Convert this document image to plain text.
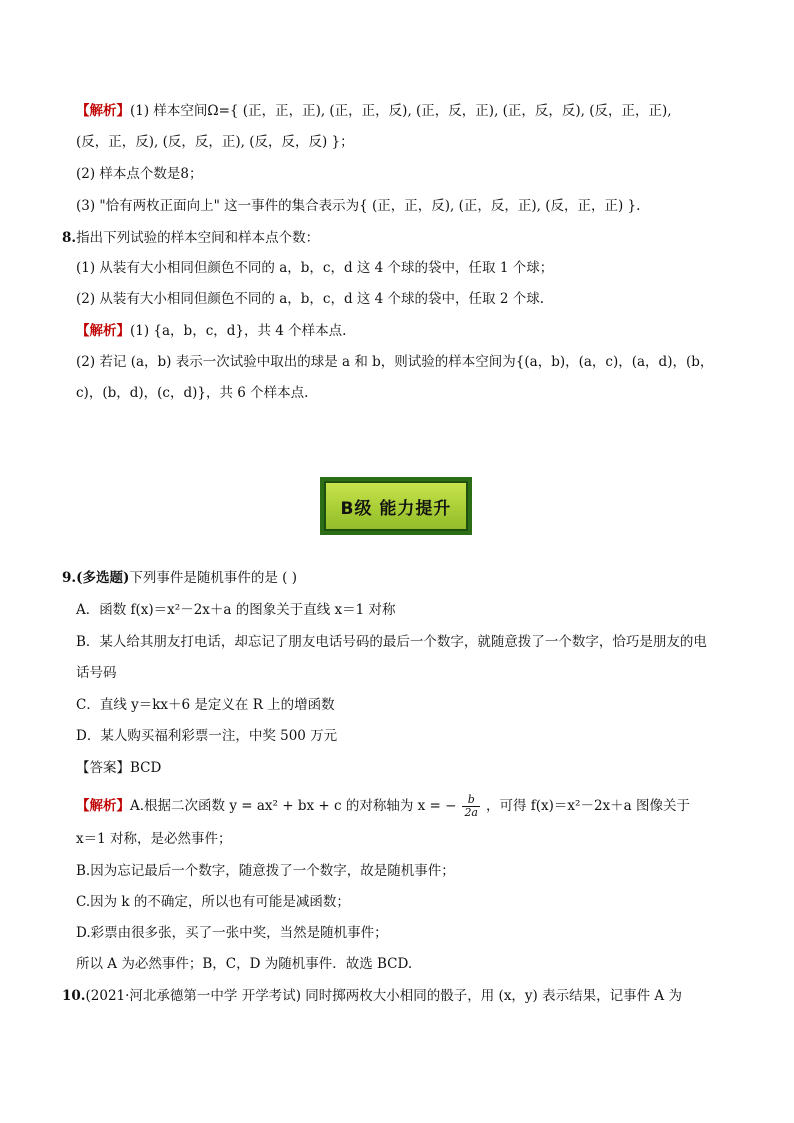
【解析】(1) 样本空间Ω={ (正，正，正), (正，正，反), (正，反，正), (正，反，反), (反，正，正),
(反，正，反), (反，反，正), (反，反，反) }；
(2) 样本点个数是8；
(3) "恰有两枚正面向上" 这一事件的集合表示为{ (正，正，反), (正，反，正), (反，正，正) }.
8.指出下列试验的样本空间和样本点个数：
(1) 从装有大小相同但颜色不同的 a，b，c，d 这 4 个球的袋中，任取 1 个球；
(2) 从装有大小相同但颜色不同的 a，b，c，d 这 4 个球的袋中，任取 2 个球.
【解析】(1) {a，b，c，d}，共 4 个样本点.
(2) 若记 (a，b) 表示一次试验中取出的球是 a 和 b，则试验的样本空间为{(a，b)，(a，c)，(a，d)，(b，
c)，(b，d)，(c，d)}，共 6 个样本点.
B级 能力提升
9.(多选题)下列事件是随机事件的是 ( )
A．函数 f(x)＝x²－2x＋a 的图象关于直线 x＝1 对称
B．某人给其朋友打电话，却忘记了朋友电话号码的最后一个数字，就随意拨了一个数字，恰巧是朋友的电
话号码
C．直线 y＝kx＋6 是定义在 R 上的增函数
D．某人购买福利彩票一注，中奖 500 万元
【答案】BCD
【解析】A.根据二次函数 y = ax² + bx + c 的对称轴为 x = − $\frac{b}{2a}$ ，可得 f(x)＝x²－2x＋a 图像关于
x＝1 对称，是必然事件；
B.因为忘记最后一个数字，随意拨了一个数字，故是随机事件；
C.因为 k 的不确定，所以也有可能是减函数；
D.彩票由很多张，买了一张中奖，当然是随机事件；
所以 A 为必然事件；B，C，D 为随机事件．故选 BCD.
10.(2021·河北承德第一中学 开学考试) 同时掷两枚大小相同的骰子，用 (x，y) 表示结果，记事件 A 为
